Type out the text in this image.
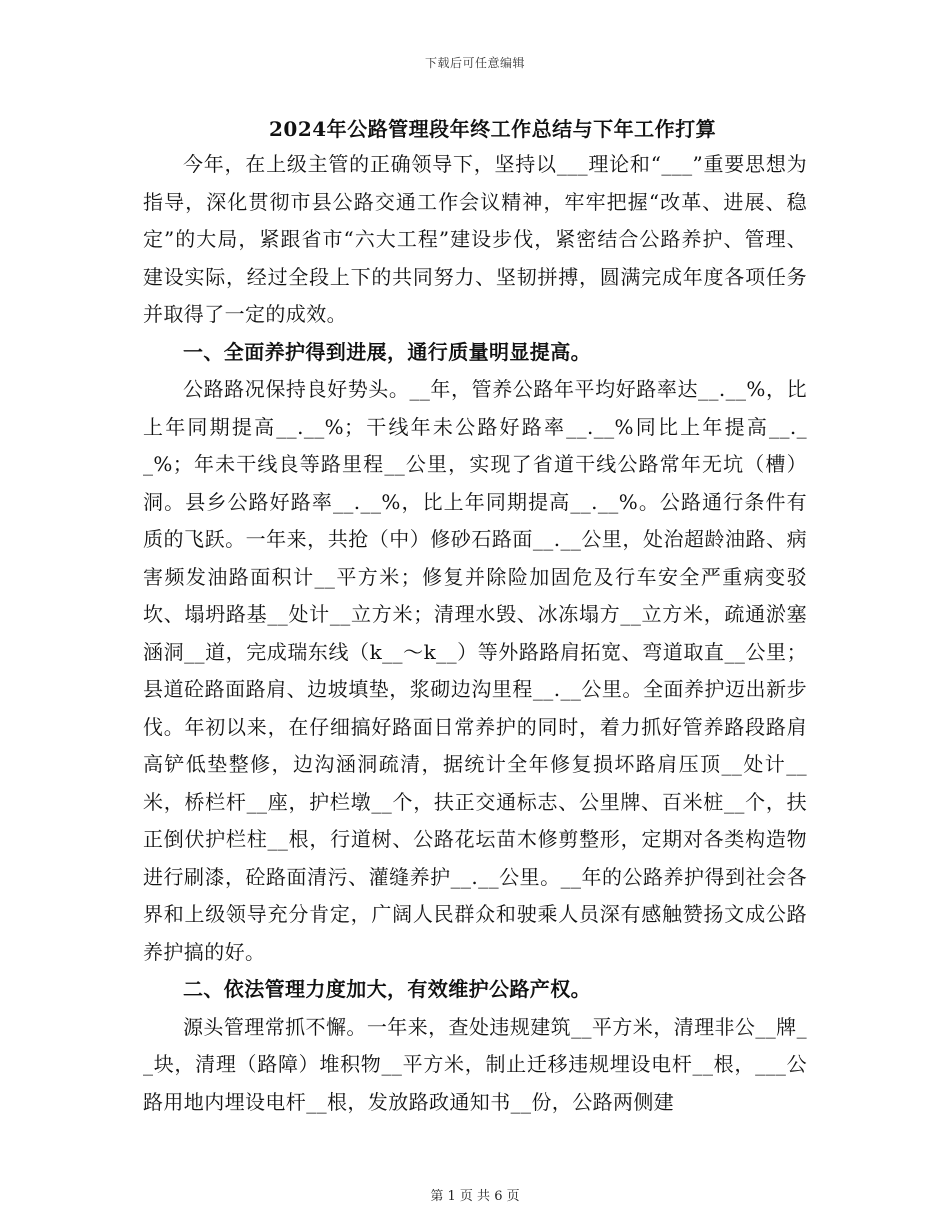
下载后可任意编辑
2024年公路管理段年终工作总结与下年工作打算

今年，在上级主管的正确领导下，坚持以___理论和“___”重要思想为指导，深化贯彻市县公路交通工作会议精神，牢牢把握“改革、进展、稳定”的大局，紧跟省市“六大工程”建设步伐，紧密结合公路养护、管理、建设实际，经过全段上下的共同努力、坚韧拼搏，圆满完成年度各项任务并取得了一定的成效。

一、全面养护得到进展，通行质量明显提高。

公路路况保持良好势头。__年，管养公路年平均好路率达__.__%，比上年同期提高__.__%；干线年未公路好路率__.__%同比上年提高__.__%；年未干线良等路里程__公里，实现了省道干线公路常年无坑（槽）洞。县乡公路好路率__.__%，比上年同期提高__.__%。公路通行条件有质的飞跃。一年来，共抢（中）修砂石路面__.__公里，处治超龄油路、病害频发油路面积计__平方米；修复并除险加固危及行车安全严重病变驳坎、塌坍路基__处计__立方米；清理水毁、冰冻塌方__立方米，疏通淤塞涵洞__道，完成瑞东线（k__～k__）等外路路肩拓宽、弯道取直__公里；县道砼路面路肩、边坡填垫，浆砌边沟里程__.__公里。全面养护迈出新步伐。年初以来，在仔细搞好路面日常养护的同时，着力抓好管养路段路肩高铲低垫整修，边沟涵洞疏清，据统计全年修复损坏路肩压顶__处计__米，桥栏杆__座，护栏墩__个，扶正交通标志、公里牌、百米桩__个，扶正倒伏护栏柱__根，行道树、公路花坛苗木修剪整形，定期对各类构造物进行刷漆，砼路面清污、灌缝养护__.__公里。__年的公路养护得到社会各界和上级领导充分肯定，广阔人民群众和驶乘人员深有感触赞扬文成公路养护搞的好。

二、依法管理力度加大，有效维护公路产权。

源头管理常抓不懈。一年来，查处违规建筑__平方米，清理非公__牌__块，清理（路障）堆积物__平方米，制止迁移违规埋设电杆__根，___公路用地内埋设电杆__根，发放路政通知书__份，公路两侧建

第 1 页 共 6 页
